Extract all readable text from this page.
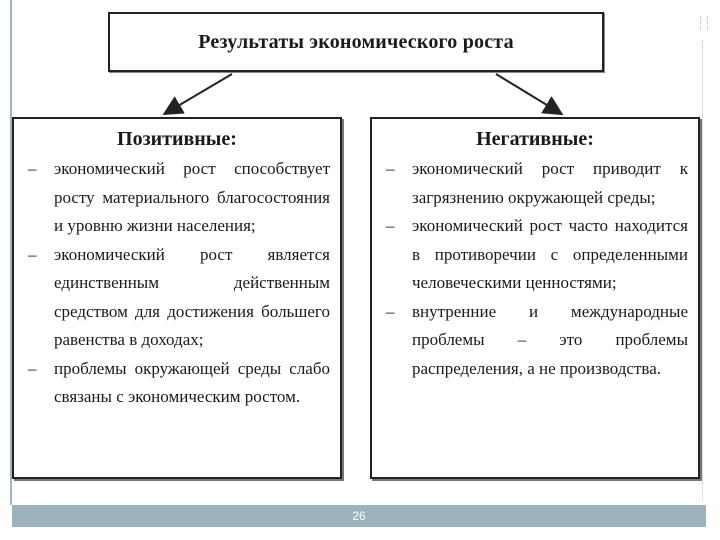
Результаты экономического роста
Позитивные:
–	экономический рост способствует росту материального благосостояния и уровню жизни населения;
–	экономический рост является единственным действенным средством для достижения большего равенства в доходах;
–	проблемы окружающей среды слабо связаны с экономическим ростом.
Негативные:
–	экономический рост приводит к загрязнению окружающей среды;
–	экономический рост часто находится в противоречии с определенными человеческими ценностями;
–	внутренние и международные проблемы – это проблемы распределения, а не производства.
26
